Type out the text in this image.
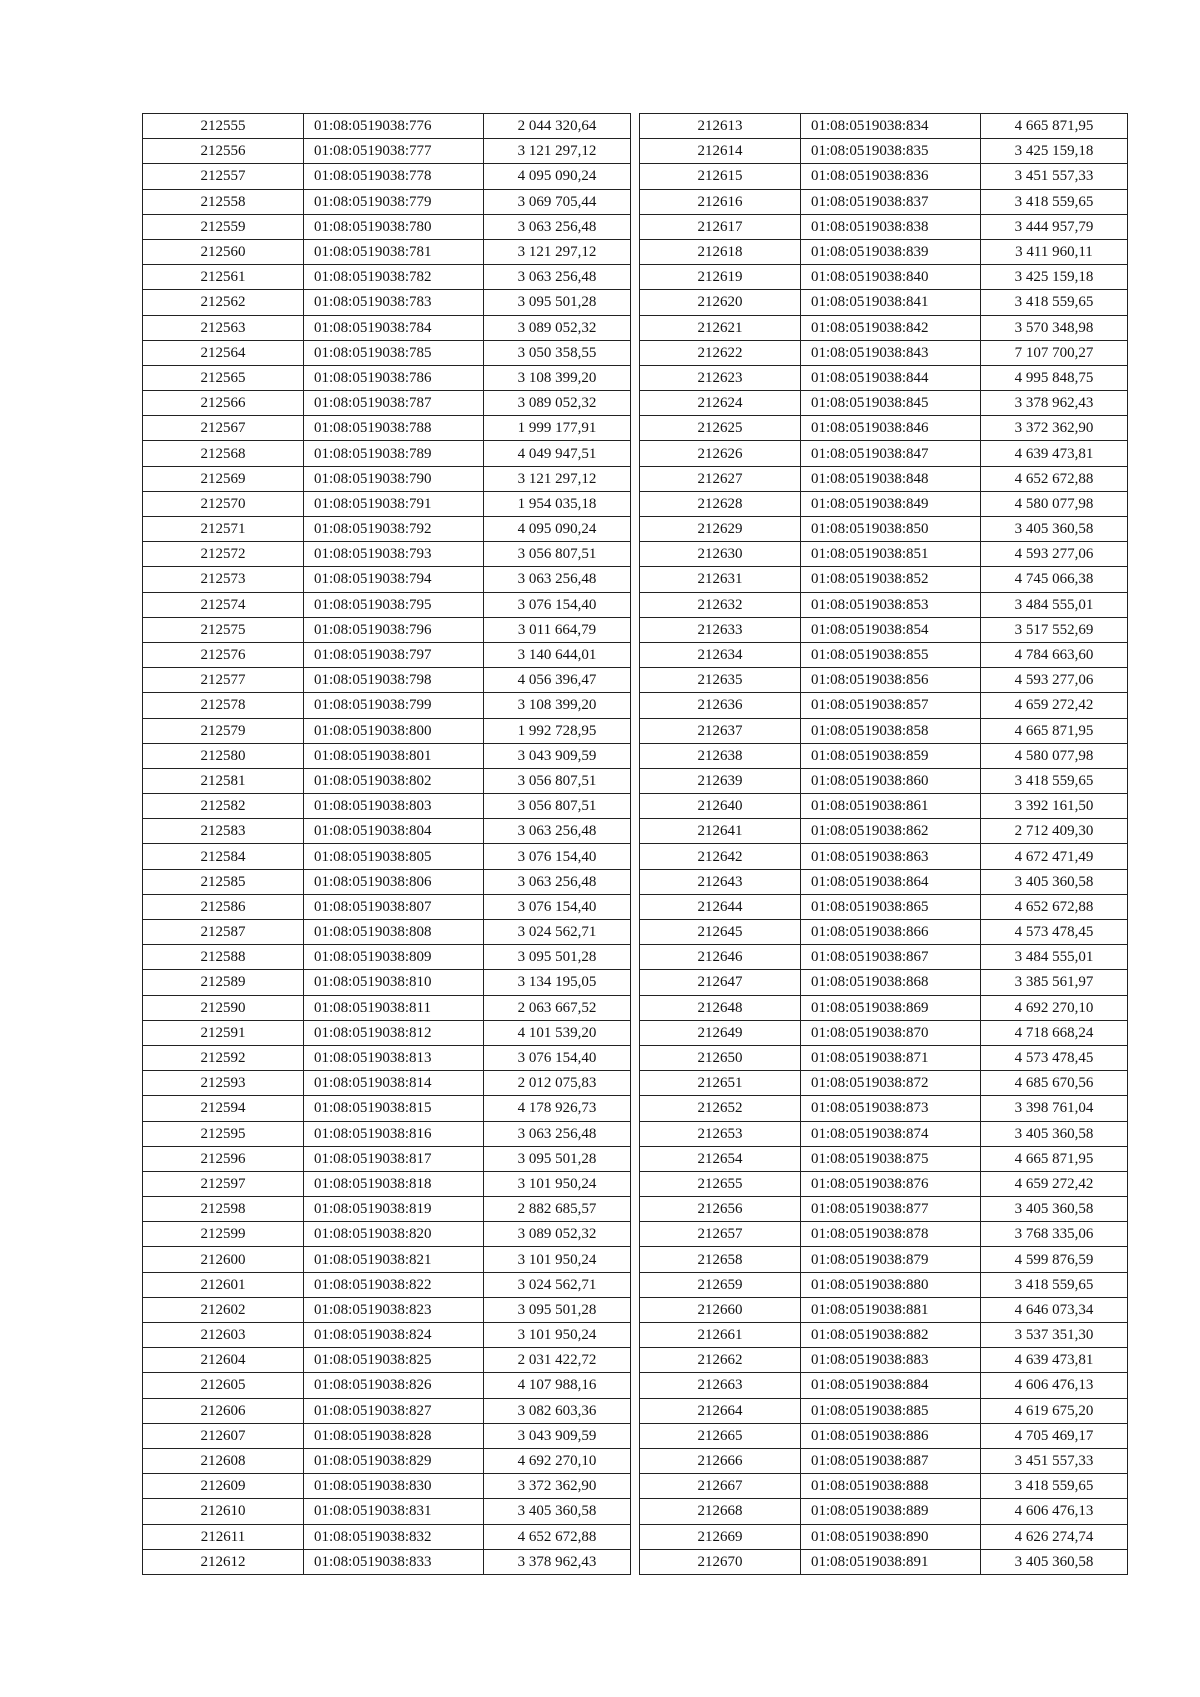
212555	01:08:0519038:776	2 044 320,64
212556	01:08:0519038:777	3 121 297,12
212557	01:08:0519038:778	4 095 090,24
212558	01:08:0519038:779	3 069 705,44
212559	01:08:0519038:780	3 063 256,48
212560	01:08:0519038:781	3 121 297,12
212561	01:08:0519038:782	3 063 256,48
212562	01:08:0519038:783	3 095 501,28
212563	01:08:0519038:784	3 089 052,32
212564	01:08:0519038:785	3 050 358,55
212565	01:08:0519038:786	3 108 399,20
212566	01:08:0519038:787	3 089 052,32
212567	01:08:0519038:788	1 999 177,91
212568	01:08:0519038:789	4 049 947,51
212569	01:08:0519038:790	3 121 297,12
212570	01:08:0519038:791	1 954 035,18
212571	01:08:0519038:792	4 095 090,24
212572	01:08:0519038:793	3 056 807,51
212573	01:08:0519038:794	3 063 256,48
212574	01:08:0519038:795	3 076 154,40
212575	01:08:0519038:796	3 011 664,79
212576	01:08:0519038:797	3 140 644,01
212577	01:08:0519038:798	4 056 396,47
212578	01:08:0519038:799	3 108 399,20
212579	01:08:0519038:800	1 992 728,95
212580	01:08:0519038:801	3 043 909,59
212581	01:08:0519038:802	3 056 807,51
212582	01:08:0519038:803	3 056 807,51
212583	01:08:0519038:804	3 063 256,48
212584	01:08:0519038:805	3 076 154,40
212585	01:08:0519038:806	3 063 256,48
212586	01:08:0519038:807	3 076 154,40
212587	01:08:0519038:808	3 024 562,71
212588	01:08:0519038:809	3 095 501,28
212589	01:08:0519038:810	3 134 195,05
212590	01:08:0519038:811	2 063 667,52
212591	01:08:0519038:812	4 101 539,20
212592	01:08:0519038:813	3 076 154,40
212593	01:08:0519038:814	2 012 075,83
212594	01:08:0519038:815	4 178 926,73
212595	01:08:0519038:816	3 063 256,48
212596	01:08:0519038:817	3 095 501,28
212597	01:08:0519038:818	3 101 950,24
212598	01:08:0519038:819	2 882 685,57
212599	01:08:0519038:820	3 089 052,32
212600	01:08:0519038:821	3 101 950,24
212601	01:08:0519038:822	3 024 562,71
212602	01:08:0519038:823	3 095 501,28
212603	01:08:0519038:824	3 101 950,24
212604	01:08:0519038:825	2 031 422,72
212605	01:08:0519038:826	4 107 988,16
212606	01:08:0519038:827	3 082 603,36
212607	01:08:0519038:828	3 043 909,59
212608	01:08:0519038:829	4 692 270,10
212609	01:08:0519038:830	3 372 362,90
212610	01:08:0519038:831	3 405 360,58
212611	01:08:0519038:832	4 652 672,88
212612	01:08:0519038:833	3 378 962,43
212613	01:08:0519038:834	4 665 871,95
212614	01:08:0519038:835	3 425 159,18
212615	01:08:0519038:836	3 451 557,33
212616	01:08:0519038:837	3 418 559,65
212617	01:08:0519038:838	3 444 957,79
212618	01:08:0519038:839	3 411 960,11
212619	01:08:0519038:840	3 425 159,18
212620	01:08:0519038:841	3 418 559,65
212621	01:08:0519038:842	3 570 348,98
212622	01:08:0519038:843	7 107 700,27
212623	01:08:0519038:844	4 995 848,75
212624	01:08:0519038:845	3 378 962,43
212625	01:08:0519038:846	3 372 362,90
212626	01:08:0519038:847	4 639 473,81
212627	01:08:0519038:848	4 652 672,88
212628	01:08:0519038:849	4 580 077,98
212629	01:08:0519038:850	3 405 360,58
212630	01:08:0519038:851	4 593 277,06
212631	01:08:0519038:852	4 745 066,38
212632	01:08:0519038:853	3 484 555,01
212633	01:08:0519038:854	3 517 552,69
212634	01:08:0519038:855	4 784 663,60
212635	01:08:0519038:856	4 593 277,06
212636	01:08:0519038:857	4 659 272,42
212637	01:08:0519038:858	4 665 871,95
212638	01:08:0519038:859	4 580 077,98
212639	01:08:0519038:860	3 418 559,65
212640	01:08:0519038:861	3 392 161,50
212641	01:08:0519038:862	2 712 409,30
212642	01:08:0519038:863	4 672 471,49
212643	01:08:0519038:864	3 405 360,58
212644	01:08:0519038:865	4 652 672,88
212645	01:08:0519038:866	4 573 478,45
212646	01:08:0519038:867	3 484 555,01
212647	01:08:0519038:868	3 385 561,97
212648	01:08:0519038:869	4 692 270,10
212649	01:08:0519038:870	4 718 668,24
212650	01:08:0519038:871	4 573 478,45
212651	01:08:0519038:872	4 685 670,56
212652	01:08:0519038:873	3 398 761,04
212653	01:08:0519038:874	3 405 360,58
212654	01:08:0519038:875	4 665 871,95
212655	01:08:0519038:876	4 659 272,42
212656	01:08:0519038:877	3 405 360,58
212657	01:08:0519038:878	3 768 335,06
212658	01:08:0519038:879	4 599 876,59
212659	01:08:0519038:880	3 418 559,65
212660	01:08:0519038:881	4 646 073,34
212661	01:08:0519038:882	3 537 351,30
212662	01:08:0519038:883	4 639 473,81
212663	01:08:0519038:884	4 606 476,13
212664	01:08:0519038:885	4 619 675,20
212665	01:08:0519038:886	4 705 469,17
212666	01:08:0519038:887	3 451 557,33
212667	01:08:0519038:888	3 418 559,65
212668	01:08:0519038:889	4 606 476,13
212669	01:08:0519038:890	4 626 274,74
212670	01:08:0519038:891	3 405 360,58
